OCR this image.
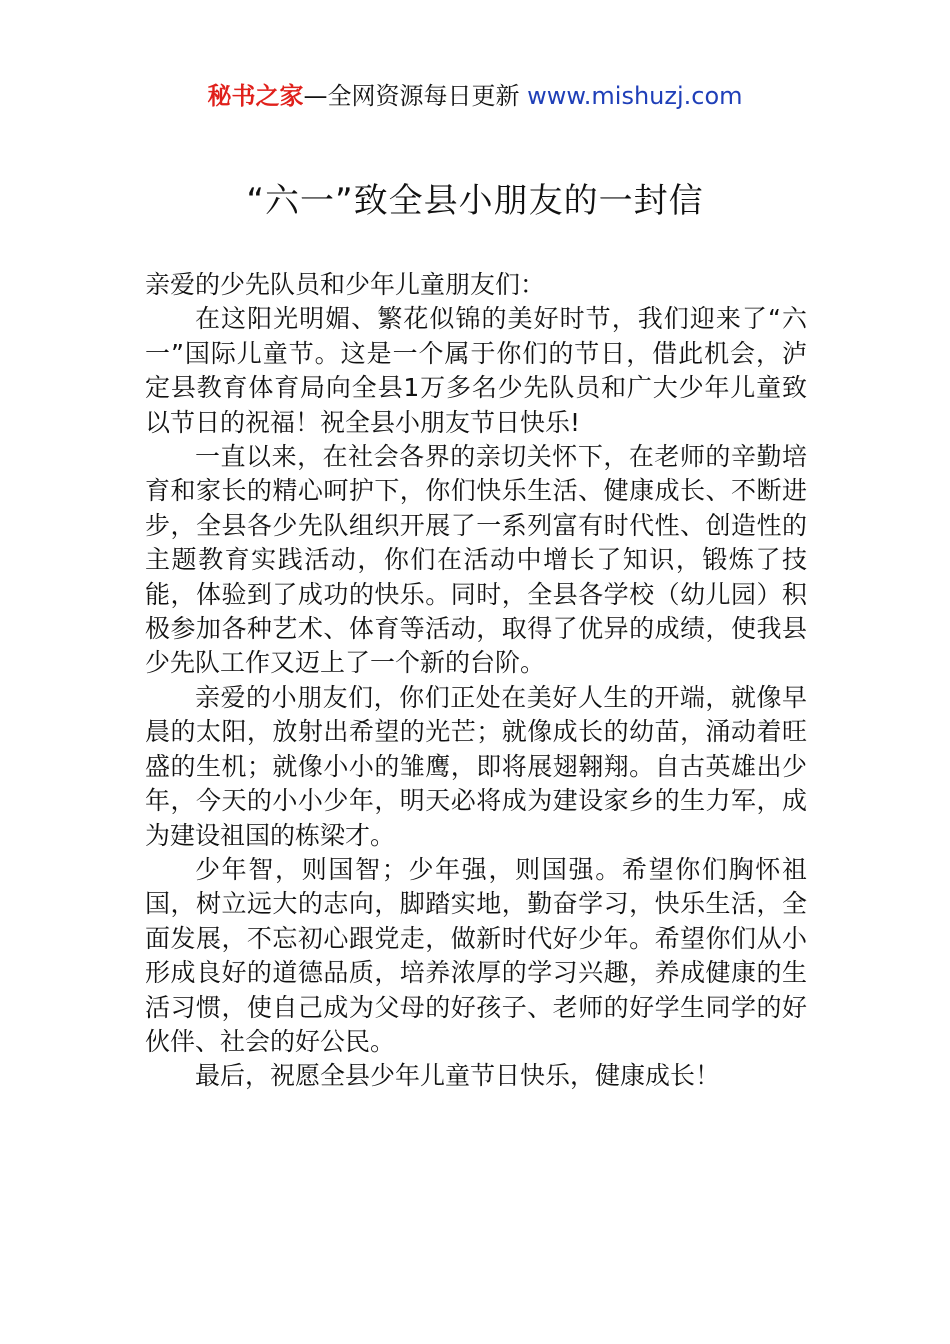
秘书之家—全网资源每日更新 www.mishuzj.com
“六一”致全县小朋友的一封信

亲爱的少先队员和少年儿童朋友们：

在这阳光明媚、繁花似锦的美好时节，我们迎来了“六一”国际儿童节。这是一个属于你们的节日，借此机会，泸定县教育体育局向全县1万多名少先队员和广大少年儿童致以节日的祝福！祝全县小朋友节日快乐!

一直以来，在社会各界的亲切关怀下，在老师的辛勤培育和家长的精心呵护下，你们快乐生活、健康成长、不断进步，全县各少先队组织开展了一系列富有时代性、创造性的主题教育实践活动，你们在活动中增长了知识，锻炼了技能，体验到了成功的快乐。同时，全县各学校（幼儿园）积极参加各种艺术、体育等活动，取得了优异的成绩，使我县少先队工作又迈上了一个新的台阶。

亲爱的小朋友们，你们正处在美好人生的开端，就像早晨的太阳，放射出希望的光芒；就像成长的幼苗，涌动着旺盛的生机；就像小小的雏鹰，即将展翅翱翔。自古英雄出少年，今天的小小少年，明天必将成为建设家乡的生力军，成为建设祖国的栋梁才。

少年智，则国智；少年强，则国强。希望你们胸怀祖国，树立远大的志向，脚踏实地，勤奋学习，快乐生活，全面发展，不忘初心跟党走，做新时代好少年。希望你们从小形成良好的道德品质，培养浓厚的学习兴趣，养成健康的生活习惯，使自己成为父母的好孩子、老师的好学生同学的好伙伴、社会的好公民。

最后，祝愿全县少年儿童节日快乐，健康成长！
